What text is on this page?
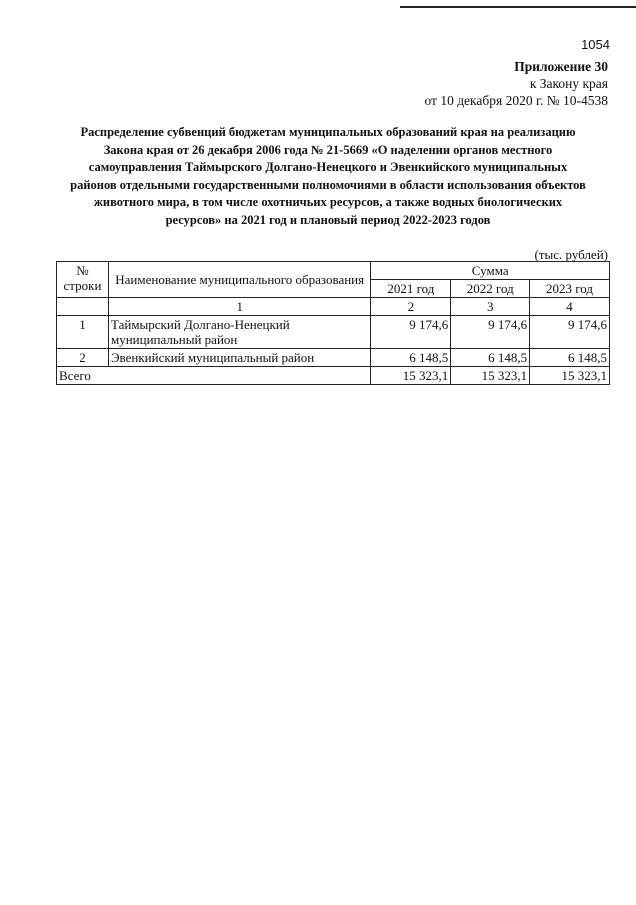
1054
Приложение 30
к Закону края
от 10 декабря 2020 г. № 10-4538
Распределение субвенций бюджетам муниципальных образований края на реализацию
Закона края от 26 декабря 2006 года № 21-5669 «О наделении органов местного
самоуправления Таймырского Долгано-Ненецкого и Эвенкийского муниципальных
районов отдельными государственными полномочиями в области использования объектов
животного мира, в том числе охотничьих ресурсов, а также водных биологических
ресурсов» на 2021 год и плановый период 2022-2023 годов
(тыс. рублей)
№
строки	Наименование муниципального образования	Сумма		
		2021 год	2022 год	2023 год
	1	2	3	4
1	Таймырский Долгано-Ненецкий
муниципальный район	9 174,6	9 174,6	9 174,6
2	Эвенкийский муниципальный район	6 148,5	6 148,5	6 148,5
Всего		15 323,1	15 323,1	15 323,1
